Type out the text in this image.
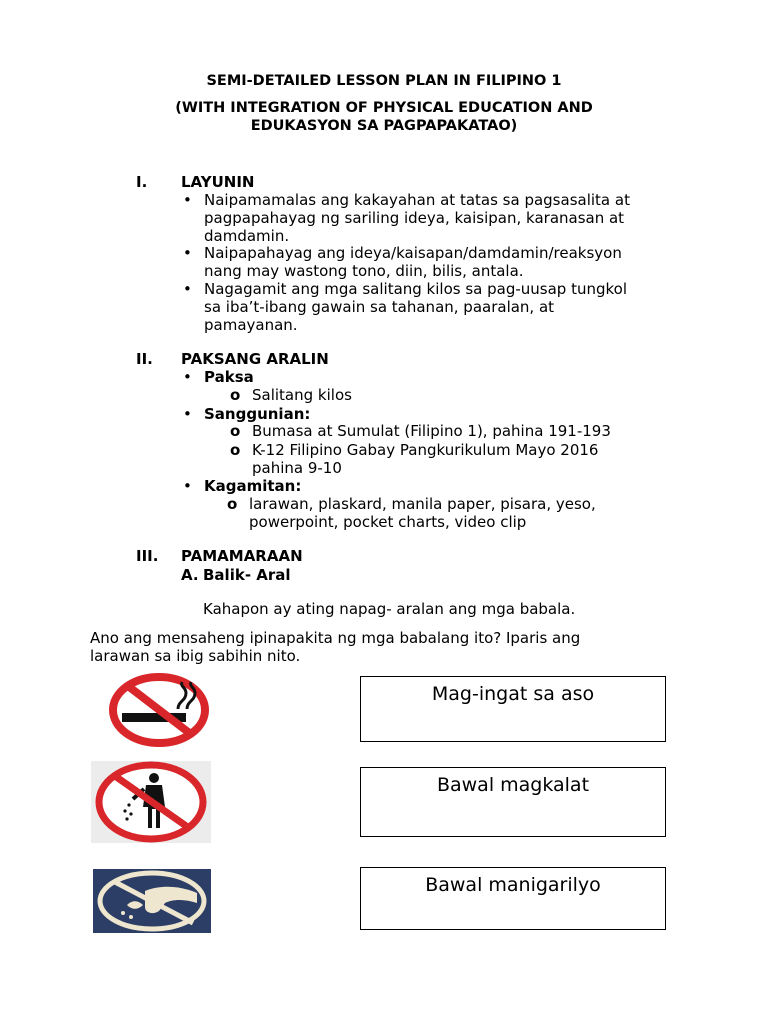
SEMI-DETAILED LESSON PLAN IN FILIPINO 1
(WITH INTEGRATION OF PHYSICAL EDUCATION AND
EDUKASYON SA PAGPAPAKATAO)
I. LAYUNIN
• Naipamamalas ang kakayahan at tatas sa pagsasalita at
pagpapahayag ng sariling ideya, kaisipan, karanasan at
damdamin.
• Naipapahayag ang ideya/kaisapan/damdamin/reaksyon
nang may wastong tono, diin, bilis, antala.
• Nagagamit ang mga salitang kilos sa pag-uusap tungkol
sa iba’t-ibang gawain sa tahanan, paaralan, at
pamayanan.
II. PAKSANG ARALIN
• Paksa
o Salitang kilos
• Sanggunian:
o Bumasa at Sumulat (Filipino 1), pahina 191-193
o K-12 Filipino Gabay Pangkurikulum Mayo 2016
pahina 9-10
• Kagamitan:
o larawan, plaskard, manila paper, pisara, yeso,
powerpoint, pocket charts, video clip
III. PAMAMARAAN
A. Balik- Aral
Kahapon ay ating napag- aralan ang mga babala.
Ano ang mensaheng ipinapakita ng mga babalang ito? Iparis ang
larawan sa ibig sabihin nito.
Mag-ingat sa aso
Bawal magkalat
Bawal manigarilyo
